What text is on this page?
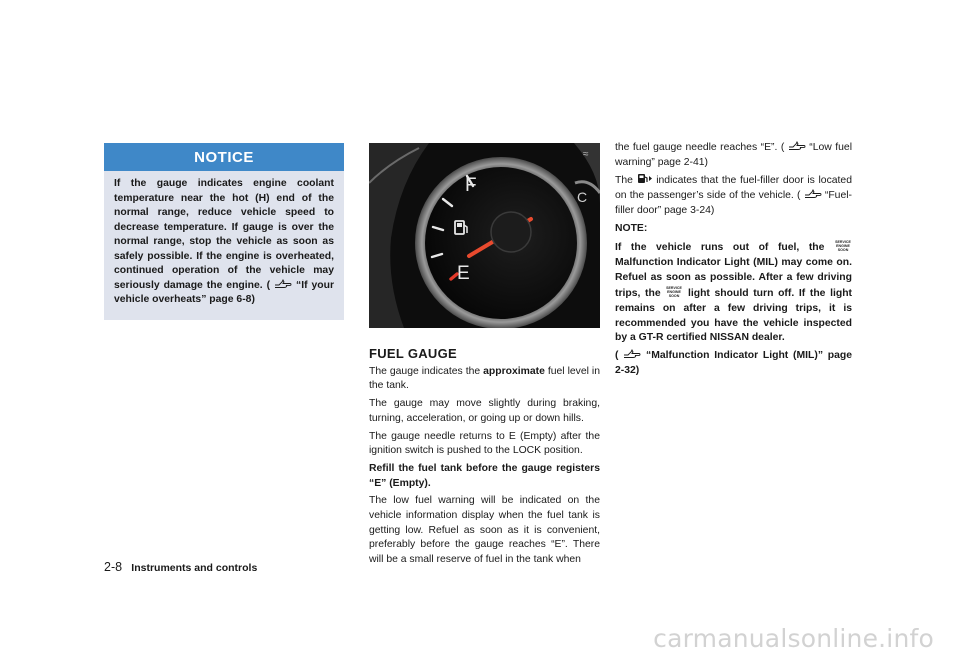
NOTICE
If the gauge indicates engine coolant temperature near the hot (H) end of the normal range, reduce vehicle speed to decrease temperature. If gauge is over the normal range, stop the vehicle as soon as safely possible. If the engine is overheated, continued operation of the vehicle may seriously damage the engine. ( “If your vehicle overheats” page 6-8)
F
E
C
≈

FUEL GAUGE

The gauge indicates the approximate fuel level in the tank.

The gauge may move slightly during braking, turning, acceleration, or going up or down hills.

The gauge needle returns to E (Empty) after the ignition switch is pushed to the LOCK position.

Refill the fuel tank before the gauge registers “E” (Empty).

The low fuel warning will be indicated on the vehicle information display when the fuel tank is getting low. Refuel as soon as it is convenient, preferably before the gauge reaches “E”. There will be a small reserve of fuel in the tank when

the fuel gauge needle reaches “E”. ( “Low fuel warning” page 2-41)

The indicates that the fuel-filler door is located on the passenger’s side of the vehicle. ( “Fuel-filler door” page 3-24)

NOTE:

If the vehicle runs out of fuel, the	SERVICE
ENGINE
SOON
Malfunction Indicator Light (MIL) may come on. Refuel as soon as possible. After a few driving trips, the SERVICE
ENGINE
SOON light should turn off. If the light remains on after a few driving trips, it is recommended you have the vehicle inspected by a GT-R certified NISSAN dealer.

(	“Malfunction Indicator Light (MIL)” page 2-32)

2-8 Instruments and controls
carmanualsonline.info
